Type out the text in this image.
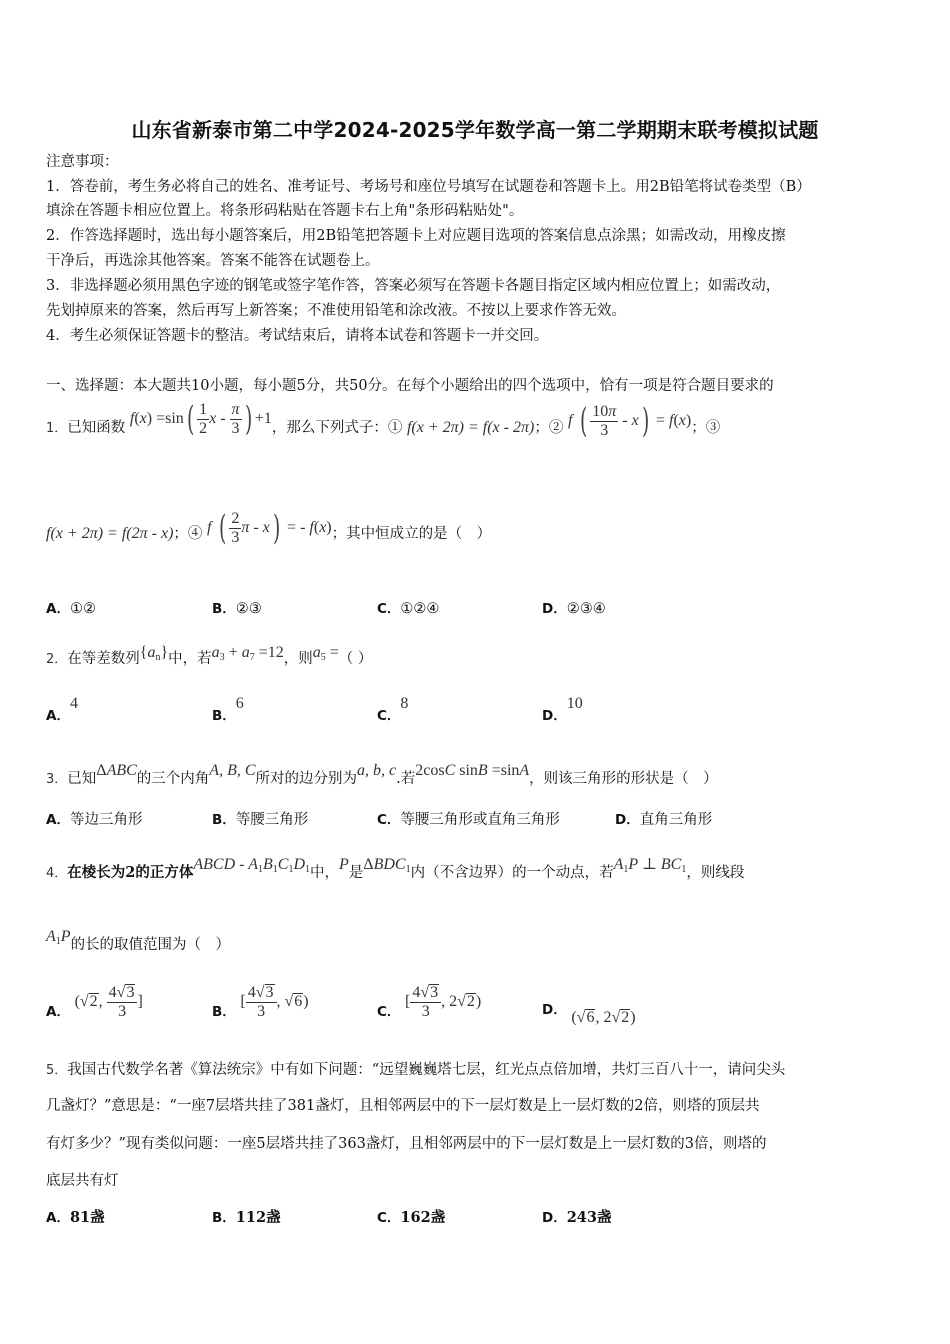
山东省新泰市第二中学2024-2025学年数学高一第二学期期末联考模拟试题
注意事项：
1．答卷前，考生务必将自己的姓名、准考证号、考场号和座位号填写在试题卷和答题卡上。用2B铅笔将试卷类型（B）
填涂在答题卡相应位置上。将条形码粘贴在答题卡右上角"条形码粘贴处"。
2．作答选择题时，选出每小题答案后，用2B铅笔把答题卡上对应题目选项的答案信息点涂黑；如需改动，用橡皮擦
干净后，再选涂其他答案。答案不能答在试题卷上。
3．非选择题必须用黑色字迹的钢笔或签字笔作答，答案必须写在答题卡各题目指定区域内相应位置上；如需改动，
先划掉原来的答案，然后再写上新答案；不准使用铅笔和涂改液。不按以上要求作答无效。
4．考生必须保证答题卡的整洁。考试结束后，请将本试卷和答题卡一并交回。
一、选择题：本大题共10小题，每小题5分，共50分。在每个小题给出的四个选项中，恰有一项是符合题目要求的
1．已知函数 $f(x) =\sin( \frac{1}{2}$ x - $\frac{\pi}{3}$ ) +1，那么下列式子：① f(x + 2π) = f(x - 2π)；② f ( $\frac{10\pi}{3} - x) = f(x)$；③
f(x + 2π) = f(2π - x)；④ f ( $\frac{2}{3}$ π - x) = - f(x)；其中恒成立的是（　）
A．①②	B．②③	C．①②④	D．②③④
2．在等差数列$\{a_n\}$中，若$a_3 + a_7 =12$，则$a_5$ =（ ）
A．4
B．6
C．8
D．10
3．已知ΔABC的三个内角A, B, C所对的边分别为a, b, c.若2cosC sinB =sinA，则该三角形的形状是（　）
A．等边三角形	B．等腰三角形	C．等腰三角形或直角三角形	D．直角三角形
4．在棱长为2的正方体ABCD - $A_1B_1C_1D_1$中，P是$\Delta BDC_1$内（不含边界）的一个动点，若$A_1P$ ⊥ $BC_1$，则线段
$A_1P$的长的取值范围为（　）
A． (√2, $\frac{4√3}{3}$ ]
B． [ $\frac{4√3}{3}$ , √6)
C． [ $\frac{4√3}{3}$ , 2√2)	D． (√6, 2√2)
5．我国古代数学名著《算法统宗》中有如下问题：“远望巍巍塔七层，红光点点倍加增，共灯三百八十一，请问尖头
几盏灯？”意思是：“一座7层塔共挂了381盏灯，且相邻两层中的下一层灯数是上一层灯数的2倍，则塔的顶层共
有灯多少？”现有类似问题：一座5层塔共挂了363盏灯，且相邻两层中的下一层灯数是上一层灯数的3倍，则塔的
底层共有灯
A．81盏	B．112盏	C．162盏	D．243盏
